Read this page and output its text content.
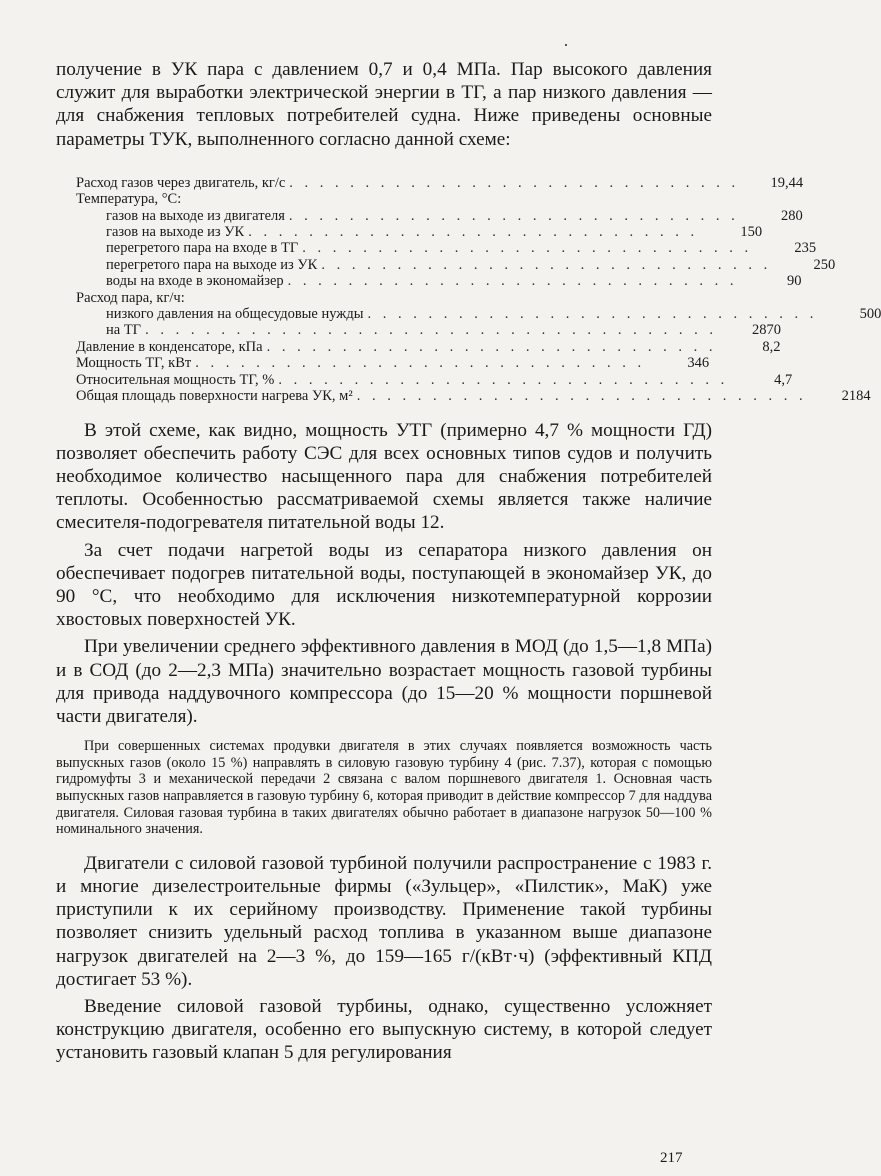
получение в УК пара с давлением 0,7 и 0,4 МПа. Пар высокого давления служит для выработки электрической энергии в ТГ, а пар низкого давления — для снабжения тепловых потребителей судна. Ниже приведены основные параметры ТУК, выполненного согласно данной схеме:

Расход газов через двигатель, кг/с . . . . . . . . . . . . . . . . . . . . . . . . . . . . . .	19,44
Температура, °С:
газов на выходе из двигателя . . . . . . . . . . . . . . . . . . . . . . . . . . . . . .	280
газов на выходе из УК . . . . . . . . . . . . . . . . . . . . . . . . . . . . . .	150
перегретого пара на входе в ТГ . . . . . . . . . . . . . . . . . . . . . . . . . . . . . .	235
перегретого пара на выходе из УК . . . . . . . . . . . . . . . . . . . . . . . . . . . . . .	250
воды на входе в экономайзер . . . . . . . . . . . . . . . . . . . . . . . . . . . . . .	90
Расход пара, кг/ч:
низкого давления на общесудовые нужды . . . . . . . . . . . . . . . . . . . . . . . . . . . . . .	500
на ТГ . . . . . . . . . . . . . . . . . . . . . . . . . . . . . . . . . . . . . .	2870
Давление в конденсаторе, кПа . . . . . . . . . . . . . . . . . . . . . . . . . . . . . .	8,2
Мощность ТГ, кВт . . . . . . . . . . . . . . . . . . . . . . . . . . . . . .	346
Относительная мощность ТГ, % . . . . . . . . . . . . . . . . . . . . . . . . . . . . . .	4,7
Общая площадь поверхности нагрева УК, м² . . . . . . . . . . . . . . . . . . . . . . . . . . . . . .	2184

В этой схеме, как видно, мощность УТГ (примерно 4,7 % мощности ГД) позволяет обеспечить работу СЭС для всех основных типов судов и получить необходимое количество насыщенного пара для снабжения потребителей теплоты. Особенностью рассматриваемой схемы является также наличие смесителя-подогревателя питательной воды 12.

За счет подачи нагретой воды из сепаратора низкого давления он обеспечивает подогрев питательной воды, поступающей в экономайзер УК, до 90 °С, что необходимо для исключения низкотемпературной коррозии хвостовых поверхностей УК.

При увеличении среднего эффективного давления в МОД (до 1,5—1,8 МПа) и в СОД (до 2—2,3 МПа) значительно возрастает мощность газовой турбины для привода наддувочного компрессора (до 15—20 % мощности поршневой части двигателя).

При совершенных системах продувки двигателя в этих случаях появляется возможность часть выпускных газов (около 15 %) направлять в силовую газовую турбину 4 (рис. 7.37), которая с помощью гидромуфты 3 и механической передачи 2 связана с валом поршневого двигателя 1. Основная часть выпускных газов направляется в газовую турбину 6, которая приводит в действие компрессор 7 для наддува двигателя. Силовая газовая турбина в таких двигателях обычно работает в диапазоне нагрузок 50—100 % номинального значения.

Двигатели с силовой газовой турбиной получили распространение с 1983 г. и многие дизелестроительные фирмы («Зульцер», «Пилстик», МаК) уже приступили к их серийному производству. Применение такой турбины позволяет снизить удельный расход топлива в указанном выше диапазоне нагрузок двигателей на 2—3 %, до 159—165 г/(кВт·ч) (эффективный КПД достигает 53 %).

Введение силовой газовой турбины, однако, существенно усложняет конструкцию двигателя, особенно его выпускную систему, в которой следует установить газовый клапан 5 для регулирования

217
